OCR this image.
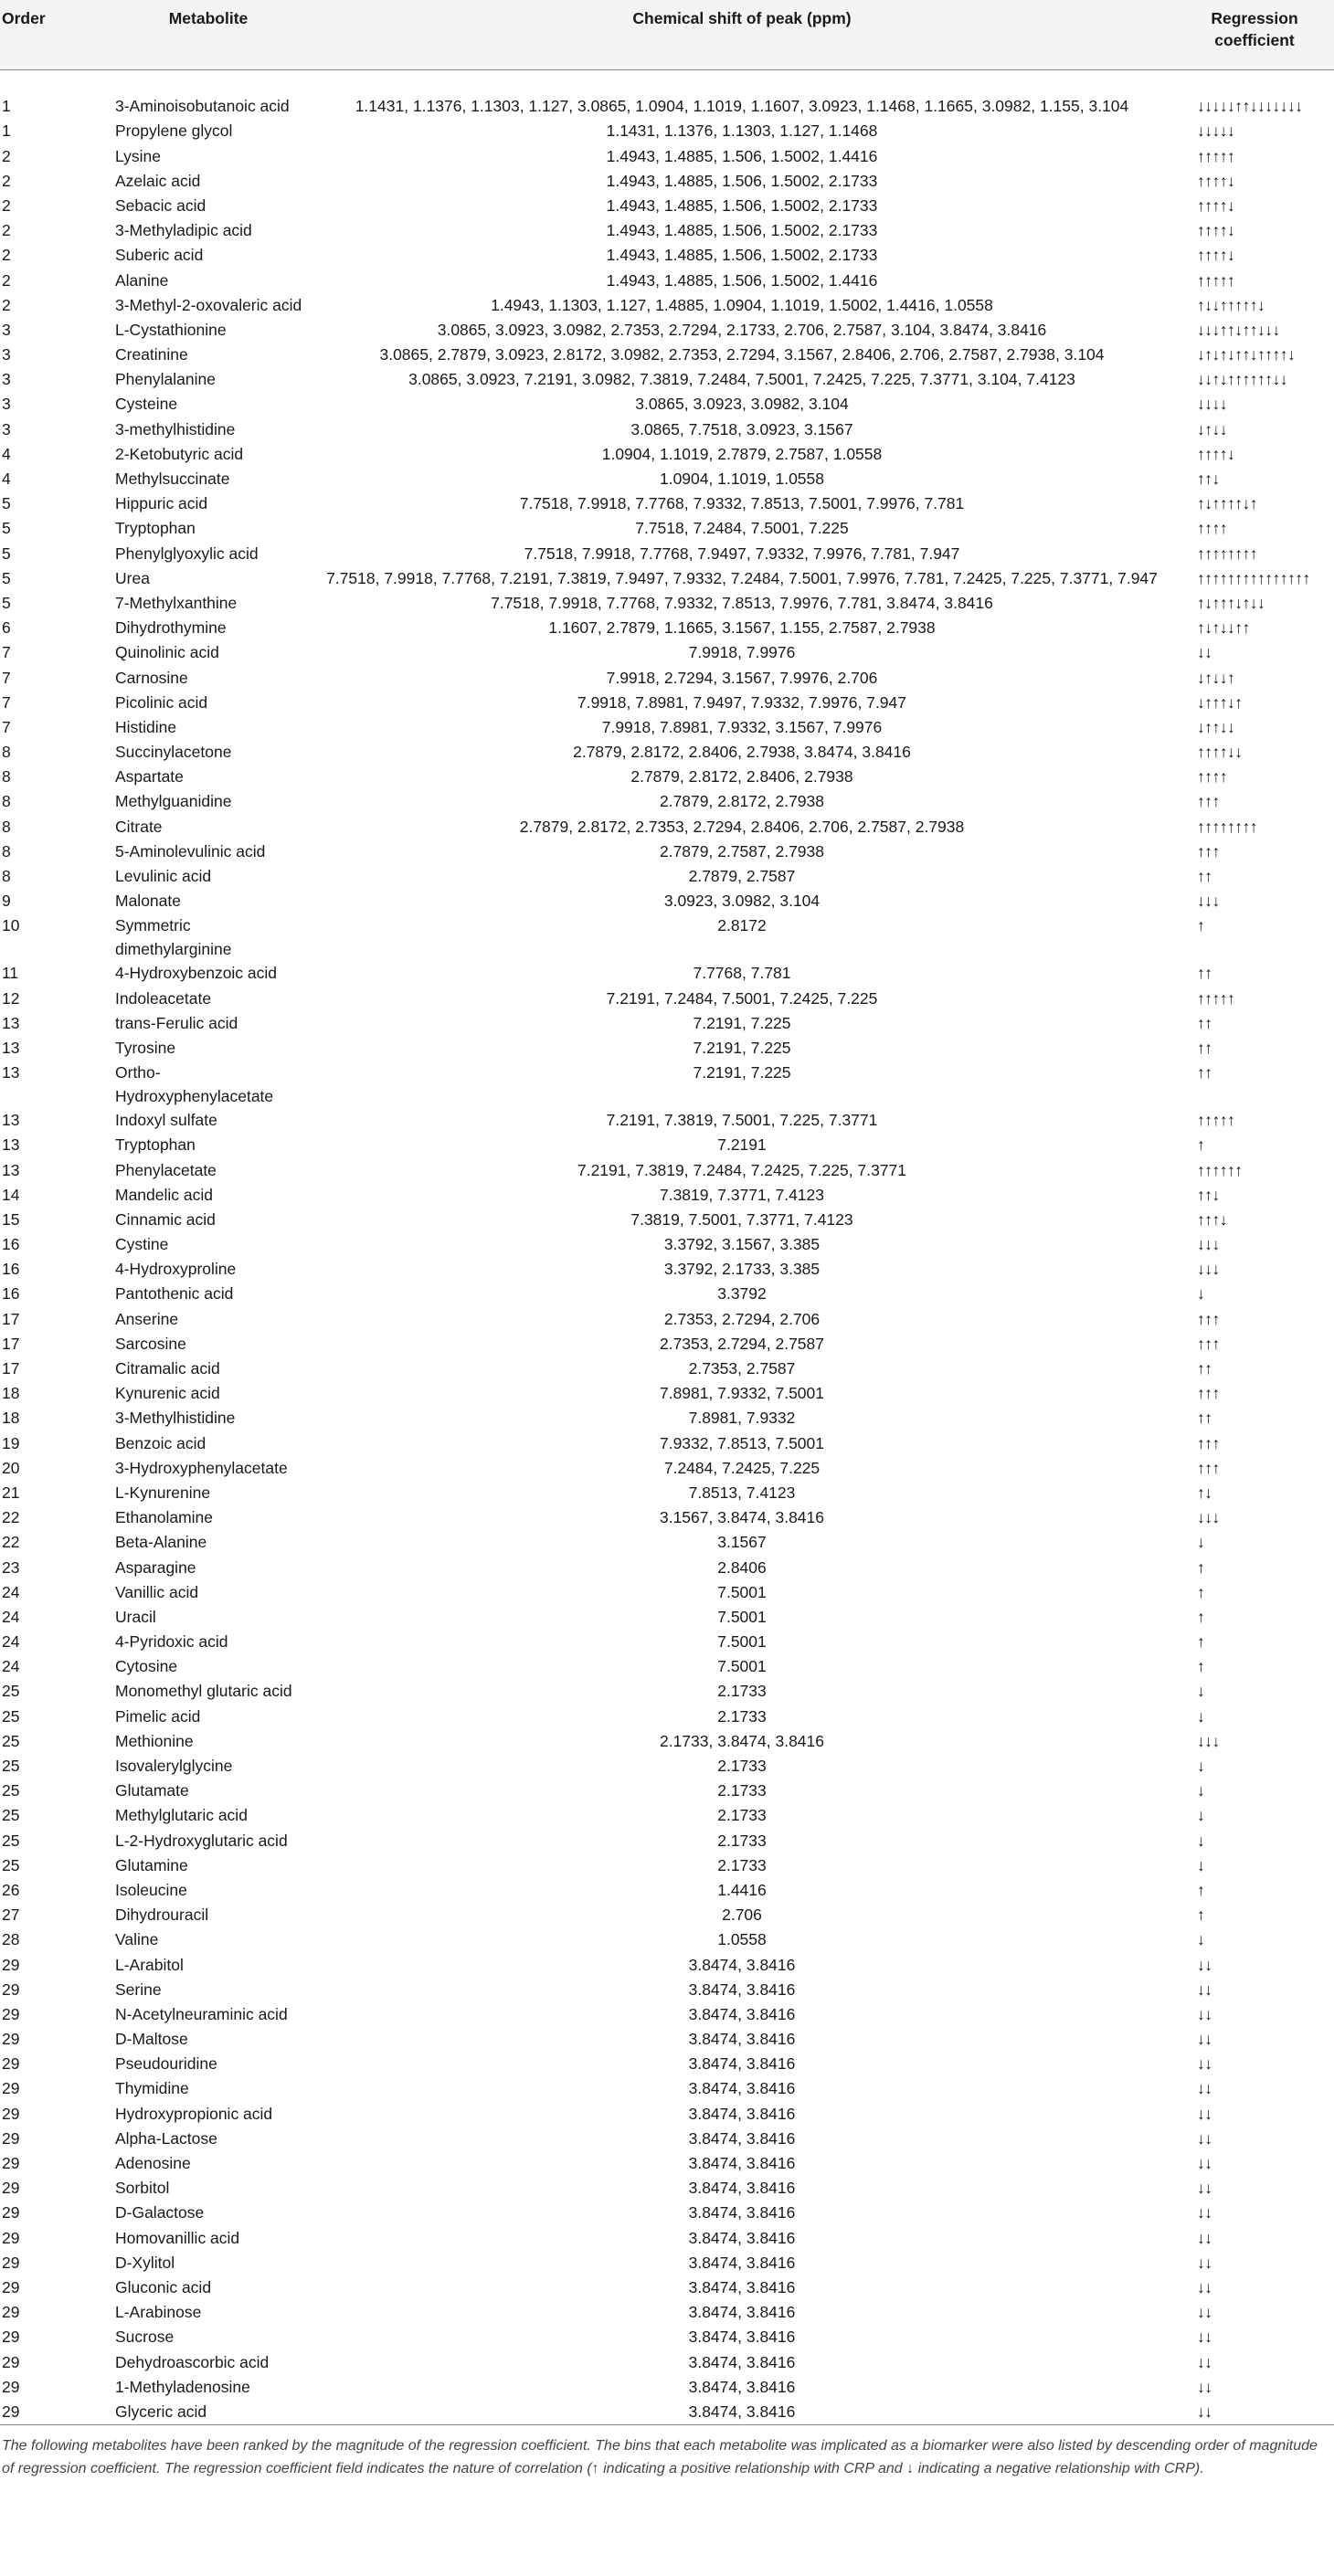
Order	Metabolite	Chemical shift of peak (ppm)	Regression coefficient

1	3-Aminoisobutanoic acid	1.1431, 1.1376, 1.1303, 1.127, 3.0865, 1.0904, 1.1019, 1.1607, 3.0923, 1.1468, 1.1665, 3.0982, 1.155, 3.104	↓↓↓↓↓↑↑↓↓↓↓↓↓↓
1	Propylene glycol	1.1431, 1.1376, 1.1303, 1.127, 1.1468	↓↓↓↓↓
2	Lysine	1.4943, 1.4885, 1.506, 1.5002, 1.4416	↑↑↑↑↑
2	Azelaic acid	1.4943, 1.4885, 1.506, 1.5002, 2.1733	↑↑↑↑↓
2	Sebacic acid	1.4943, 1.4885, 1.506, 1.5002, 2.1733	↑↑↑↑↓
2	3-Methyladipic acid	1.4943, 1.4885, 1.506, 1.5002, 2.1733	↑↑↑↑↓
2	Suberic acid	1.4943, 1.4885, 1.506, 1.5002, 2.1733	↑↑↑↑↓
2	Alanine	1.4943, 1.4885, 1.506, 1.5002, 1.4416	↑↑↑↑↑
2	3-Methyl-2-oxovaleric acid	1.4943, 1.1303, 1.127, 1.4885, 1.0904, 1.1019, 1.5002, 1.4416, 1.0558	↑↓↓↑↑↑↑↑↓
3	L-Cystathionine	3.0865, 3.0923, 3.0982, 2.7353, 2.7294, 2.1733, 2.706, 2.7587, 3.104, 3.8474, 3.8416	↓↓↓↑↑↓↑↑↓↓↓
3	Creatinine	3.0865, 2.7879, 3.0923, 2.8172, 3.0982, 2.7353, 2.7294, 3.1567, 2.8406, 2.706, 2.7587, 2.7938, 3.104	↓↑↓↑↓↑↑↓↑↑↑↑↓
3	Phenylalanine	3.0865, 3.0923, 7.2191, 3.0982, 7.3819, 7.2484, 7.5001, 7.2425, 7.225, 7.3771, 3.104, 7.4123	↓↓↑↓↑↑↑↑↑↑↓↓
3	Cysteine	3.0865, 3.0923, 3.0982, 3.104	↓↓↓↓
3	3-methylhistidine	3.0865, 7.7518, 3.0923, 3.1567	↓↑↓↓
4	2-Ketobutyric acid	1.0904, 1.1019, 2.7879, 2.7587, 1.0558	↑↑↑↑↓
4	Methylsuccinate	1.0904, 1.1019, 1.0558	↑↑↓
5	Hippuric acid	7.7518, 7.9918, 7.7768, 7.9332, 7.8513, 7.5001, 7.9976, 7.781	↑↓↑↑↑↑↓↑
5	Tryptophan	7.7518, 7.2484, 7.5001, 7.225	↑↑↑↑
5	Phenylglyoxylic acid	7.7518, 7.9918, 7.7768, 7.9497, 7.9332, 7.9976, 7.781, 7.947	↑↑↑↑↑↑↑↑
5	Urea	7.7518, 7.9918, 7.7768, 7.2191, 7.3819, 7.9497, 7.9332, 7.2484, 7.5001, 7.9976, 7.781, 7.2425, 7.225, 7.3771, 7.947	↑↑↑↑↑↑↑↑↑↑↑↑↑↑↑
5	7-Methylxanthine	7.7518, 7.9918, 7.7768, 7.9332, 7.8513, 7.9976, 7.781, 3.8474, 3.8416	↑↓↑↑↑↓↑↓↓
6	Dihydrothymine	1.1607, 2.7879, 1.1665, 3.1567, 1.155, 2.7587, 2.7938	↑↓↑↓↓↑↑
7	Quinolinic acid	7.9918, 7.9976	↓↓
7	Carnosine	7.9918, 2.7294, 3.1567, 7.9976, 2.706	↓↑↓↓↑
7	Picolinic acid	7.9918, 7.8981, 7.9497, 7.9332, 7.9976, 7.947	↓↑↑↑↓↑
7	Histidine	7.9918, 7.8981, 7.9332, 3.1567, 7.9976	↓↑↑↓↓
8	Succinylacetone	2.7879, 2.8172, 2.8406, 2.7938, 3.8474, 3.8416	↑↑↑↑↓↓
8	Aspartate	2.7879, 2.8172, 2.8406, 2.7938	↑↑↑↑
8	Methylguanidine	2.7879, 2.8172, 2.7938	↑↑↑
8	Citrate	2.7879, 2.8172, 2.7353, 2.7294, 2.8406, 2.706, 2.7587, 2.7938	↑↑↑↑↑↑↑↑
8	5-Aminolevulinic acid	2.7879, 2.7587, 2.7938	↑↑↑
8	Levulinic acid	2.7879, 2.7587	↑↑
9	Malonate	3.0923, 3.0982, 3.104	↓↓↓
10	Symmetric dimethylarginine	2.8172	↑
11	4-Hydroxybenzoic acid	7.7768, 7.781	↑↑
12	Indoleacetate	7.2191, 7.2484, 7.5001, 7.2425, 7.225	↑↑↑↑↑
13	trans-Ferulic acid	7.2191, 7.225	↑↑
13	Tyrosine	7.2191, 7.225	↑↑
13	Ortho-Hydroxyphenylacetate	7.2191, 7.225	↑↑
13	Indoxyl sulfate	7.2191, 7.3819, 7.5001, 7.225, 7.3771	↑↑↑↑↑
13	Tryptophan	7.2191	↑
13	Phenylacetate	7.2191, 7.3819, 7.2484, 7.2425, 7.225, 7.3771	↑↑↑↑↑↑
14	Mandelic acid	7.3819, 7.3771, 7.4123	↑↑↓
15	Cinnamic acid	7.3819, 7.5001, 7.3771, 7.4123	↑↑↑↓
16	Cystine	3.3792, 3.1567, 3.385	↓↓↓
16	4-Hydroxyproline	3.3792, 2.1733, 3.385	↓↓↓
16	Pantothenic acid	3.3792	↓
17	Anserine	2.7353, 2.7294, 2.706	↑↑↑
17	Sarcosine	2.7353, 2.7294, 2.7587	↑↑↑
17	Citramalic acid	2.7353, 2.7587	↑↑
18	Kynurenic acid	7.8981, 7.9332, 7.5001	↑↑↑
18	3-Methylhistidine	7.8981, 7.9332	↑↑
19	Benzoic acid	7.9332, 7.8513, 7.5001	↑↑↑
20	3-Hydroxyphenylacetate	7.2484, 7.2425, 7.225	↑↑↑
21	L-Kynurenine	7.8513, 7.4123	↑↓
22	Ethanolamine	3.1567, 3.8474, 3.8416	↓↓↓
22	Beta-Alanine	3.1567	↓
23	Asparagine	2.8406	↑
24	Vanillic acid	7.5001	↑
24	Uracil	7.5001	↑
24	4-Pyridoxic acid	7.5001	↑
24	Cytosine	7.5001	↑
25	Monomethyl glutaric acid	2.1733	↓
25	Pimelic acid	2.1733	↓
25	Methionine	2.1733, 3.8474, 3.8416	↓↓↓
25	Isovalerylglycine	2.1733	↓
25	Glutamate	2.1733	↓
25	Methylglutaric acid	2.1733	↓
25	L-2-Hydroxyglutaric acid	2.1733	↓
25	Glutamine	2.1733	↓
26	Isoleucine	1.4416	↑
27	Dihydrouracil	2.706	↑
28	Valine	1.0558	↓
29	L-Arabitol	3.8474, 3.8416	↓↓
29	Serine	3.8474, 3.8416	↓↓
29	N-Acetylneuraminic acid	3.8474, 3.8416	↓↓
29	D-Maltose	3.8474, 3.8416	↓↓
29	Pseudouridine	3.8474, 3.8416	↓↓
29	Thymidine	3.8474, 3.8416	↓↓
29	Hydroxypropionic acid	3.8474, 3.8416	↓↓
29	Alpha-Lactose	3.8474, 3.8416	↓↓
29	Adenosine	3.8474, 3.8416	↓↓
29	Sorbitol	3.8474, 3.8416	↓↓
29	D-Galactose	3.8474, 3.8416	↓↓
29	Homovanillic acid	3.8474, 3.8416	↓↓
29	D-Xylitol	3.8474, 3.8416	↓↓
29	Gluconic acid	3.8474, 3.8416	↓↓
29	L-Arabinose	3.8474, 3.8416	↓↓
29	Sucrose	3.8474, 3.8416	↓↓
29	Dehydroascorbic acid	3.8474, 3.8416	↓↓
29	1-Methyladenosine	3.8474, 3.8416	↓↓
29	Glyceric acid	3.8474, 3.8416	↓↓
The following metabolites have been ranked by the magnitude of the regression coefficient. The bins that each metabolite was implicated as a biomarker were also listed by descending order of magnitude of regression coefficient. The regression coefficient field indicates the nature of correlation (↑ indicating a positive relationship with CRP and ↓ indicating a negative relationship with CRP).
